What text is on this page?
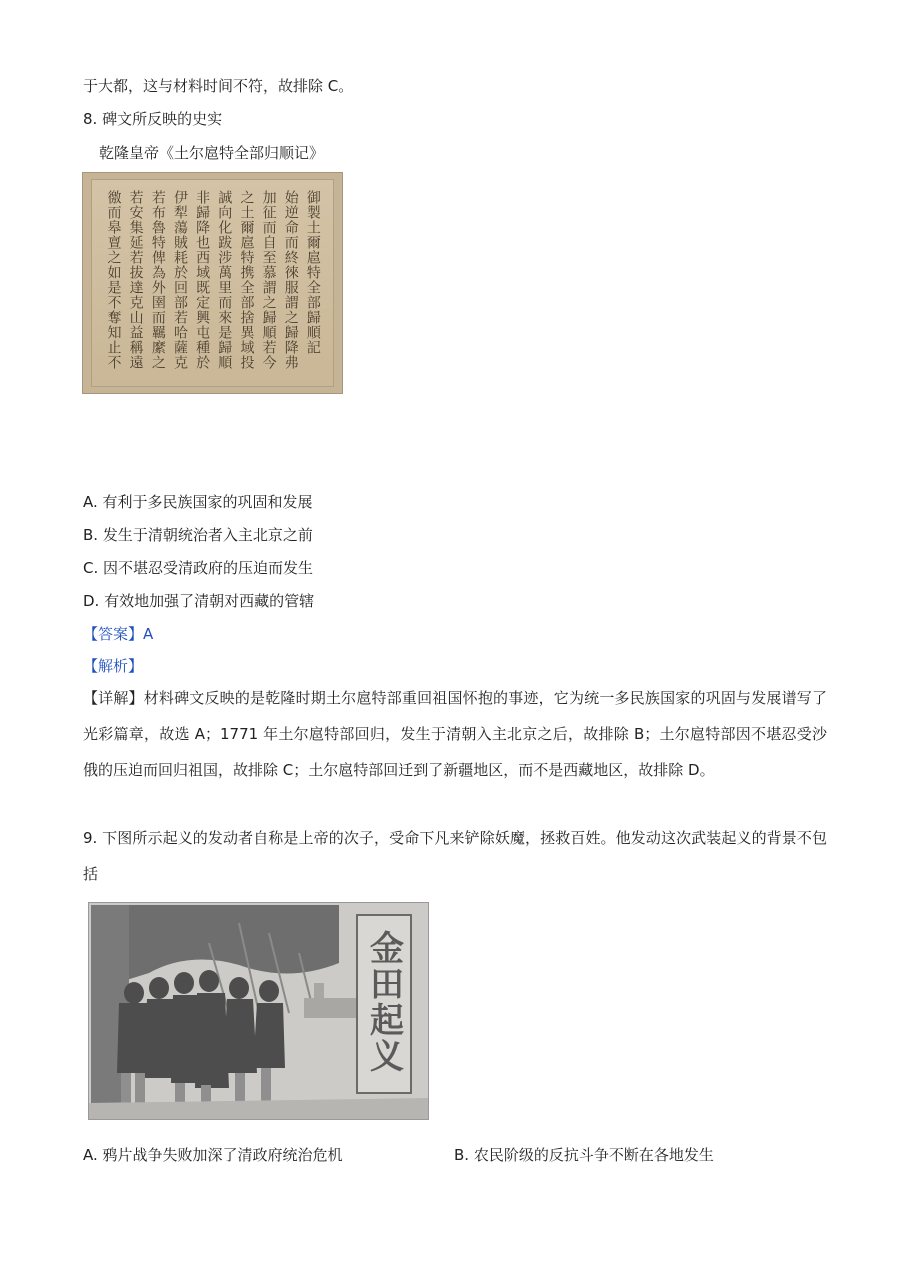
于大都，这与材料时间不符，故排除 C。
8. 碑文所反映的史实
乾隆皇帝《土尔扈特全部归顺记》
御製土爾扈特全部歸順記
始逆命而終徠服謂之歸降弗
加征而自至慕謂之歸順若今
之土爾扈特携全部捨異域投
誠向化跋涉萬里而來是歸順
非歸降也西域既定興屯種於
伊犁蕩賊耗於回部若哈薩克
若布魯特俾為外圉而羈縻之
若安集延若拔達克山益稱遠
徼而皋亶之如是不奪知止不
A. 有利于多民族国家的巩固和发展
B. 发生于清朝统治者入主北京之前
C. 因不堪忍受清政府的压迫而发生
D. 有效地加强了清朝对西藏的管辖
【答案】A
【解析】
【详解】材料碑文反映的是乾隆时期土尔扈特部重回祖国怀抱的事迹，它为统一多民族国家的巩固与发展谱写了光彩篇章，故选 A；1771 年土尔扈特部回归，发生于清朝入主北京之后，故排除 B；土尔扈特部因不堪忍受沙俄的压迫而回归祖国，故排除 C；土尔扈特部回迁到了新疆地区，而不是西藏地区，故排除 D。
9. 下图所示起义的发动者自称是上帝的次子，受命下凡来铲除妖魔，拯救百姓。他发动这次武装起义的背景不包括
金田起义
A. 鸦片战争失败加深了清政府统治危机	B. 农民阶级的反抗斗争不断在各地发生
